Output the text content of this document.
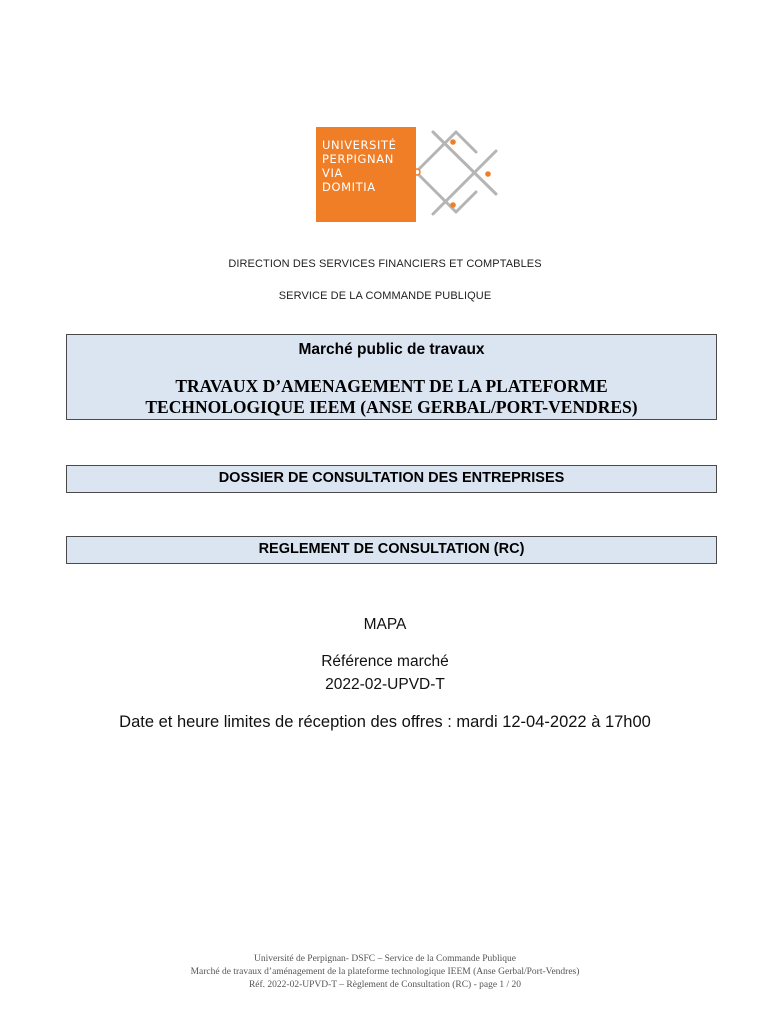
UNIVERSITÉ
PERPIGNAN
VIA
DOMITIA
DIRECTION DES SERVICES FINANCIERS ET COMPTABLES
SERVICE DE LA COMMANDE PUBLIQUE
Marché public de travaux
TRAVAUX D’AMENAGEMENT DE LA PLATEFORME
TECHNOLOGIQUE IEEM (ANSE GERBAL/PORT-VENDRES)
DOSSIER DE CONSULTATION DES ENTREPRISES
REGLEMENT DE CONSULTATION (RC)
MAPA
Référence marché
2022-02-UPVD-T
Date et heure limites de réception des offres : mardi 12-04-2022 à 17h00
Université de Perpignan- DSFC – Service de la Commande Publique
Marché de travaux d’aménagement de la plateforme technologique IEEM (Anse Gerbal/Port-Vendres)
Réf. 2022-02-UPVD-T – Règlement de Consultation (RC) - page 1 / 20
